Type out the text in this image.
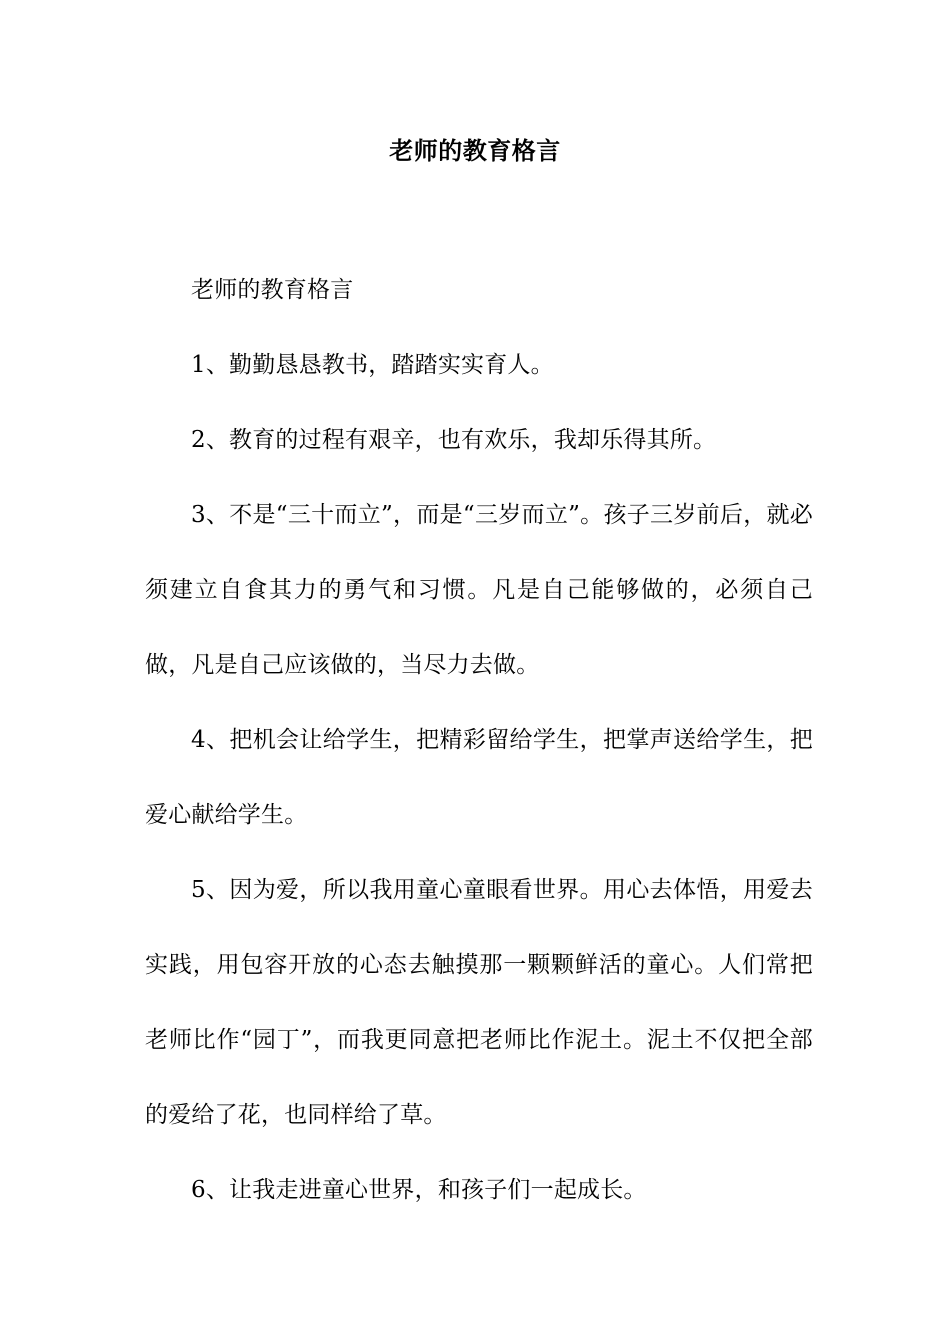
老师的教育格言

老师的教育格言

1、勤勤恳恳教书，踏踏实实育人。

2、教育的过程有艰辛，也有欢乐，我却乐得其所。

3、不是“三十而立”，而是“三岁而立”。孩子三岁前后，就必须建立自食其力的勇气和习惯。凡是自己能够做的，必须自己做，凡是自己应该做的，当尽力去做。

4、把机会让给学生，把精彩留给学生，把掌声送给学生，把爱心献给学生。

5、因为爱，所以我用童心童眼看世界。用心去体悟，用爱去实践，用包容开放的心态去触摸那一颗颗鲜活的童心。人们常把老师比作“园丁”，而我更同意把老师比作泥土。泥土不仅把全部的爱给了花，也同样给了草。

6、让我走进童心世界，和孩子们一起成长。
